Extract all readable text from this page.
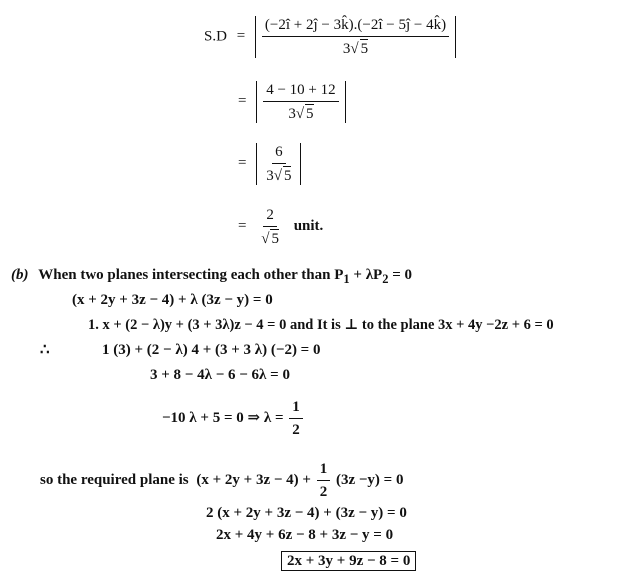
$S.D = \frac{(-2î + 2ĵ - 3k̂).(-2î - 5ĵ - 4k̂)}{3√ 5}$
= $\frac{4 - 10 + 12}{3√ 5}$
= $\frac{6}{3√ 5}$
= $\frac{2}{√ 5}$ unit.
(b) When two planes intersecting each other than $P_1 + \lambda P_2 = 0$
(x + 2y + 3z − 4) + λ (3z − y) = 0
1. x + (2 − λ)y + (3 + 3λ)z − 4 = 0 and It is ⊥ to the plane 3x + 4y −2z + 6 = 0
∴	1 (3) + (2 − λ) 4 + (3 + 3 λ) (−2) = 0
3 + 8 − 4λ − 6 − 6λ = 0
−10 λ + 5 = 0 ⇒ $\lambda = \frac{1}{2}$
so the required plane is $(x + 2y + 3z - 4) + \frac{1}{2} (3z -y) = 0$
2 (x + 2y + 3z − 4) + (3z − y) = 0
2x + 4y + 6z − 8 + 3z − y = 0
2x + 3y + 9z − 8 = 0
